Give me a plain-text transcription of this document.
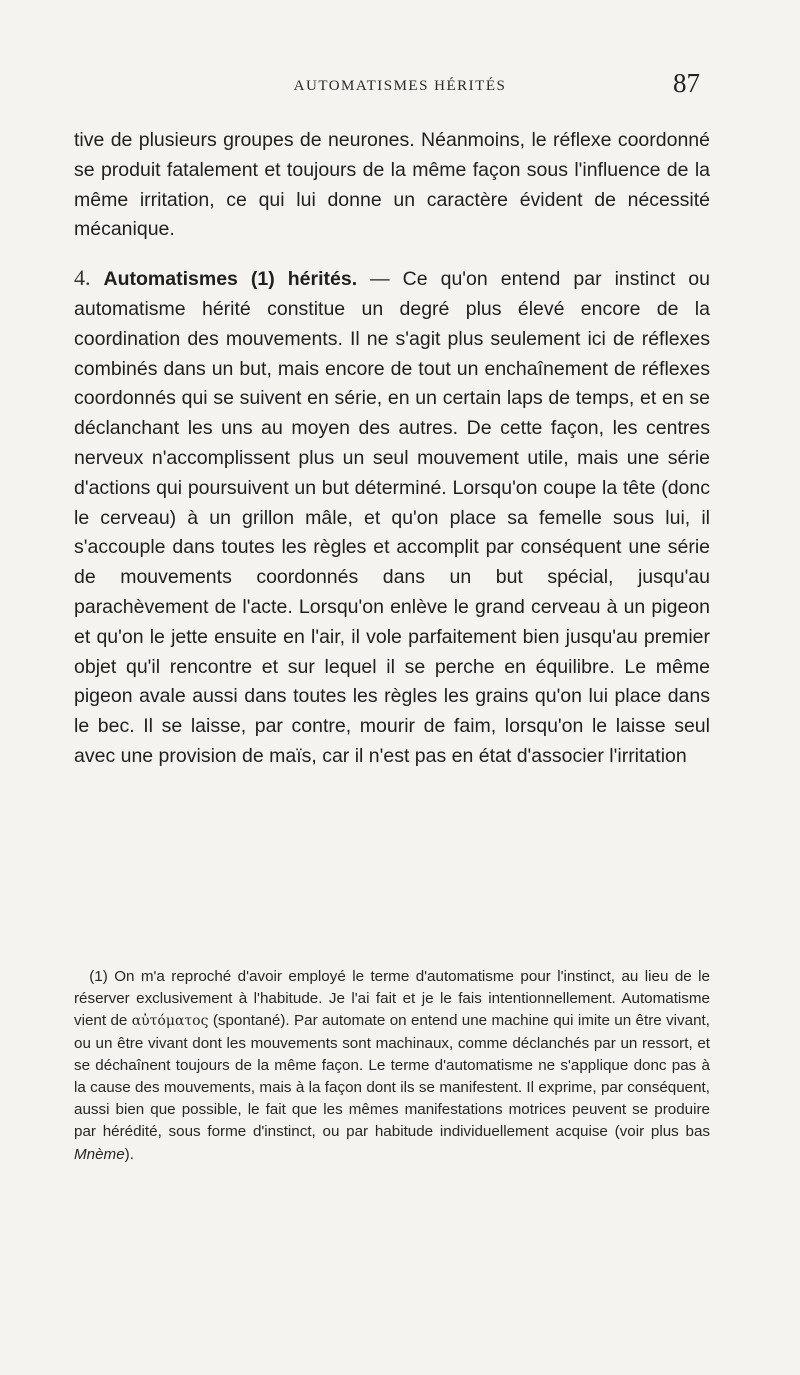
AUTOMATISMES HÉRITÉS	87

tive de plusieurs groupes de neurones. Néanmoins, le réflexe coordonné se produit fatalement et toujours de la même façon sous l'influence de la même irritation, ce qui lui donne un caractère évident de nécessité mécanique.

4. Automatismes (1) hérités. — Ce qu'on entend par instinct ou automatisme hérité constitue un degré plus élevé encore de la coordination des mouvements. Il ne s'agit plus seulement ici de réflexes combinés dans un but, mais encore de tout un enchaînement de réflexes coordonnés qui se suivent en série, en un certain laps de temps, et en se déclanchant les uns au moyen des autres. De cette façon, les centres nerveux n'accomplissent plus un seul mouvement utile, mais une série d'actions qui poursuivent un but déterminé. Lorsqu'on coupe la tête (donc le cerveau) à un grillon mâle, et qu'on place sa femelle sous lui, il s'accouple dans toutes les règles et accomplit par conséquent une série de mouvements coordonnés dans un but spécial, jusqu'au parachèvement de l'acte. Lorsqu'on enlève le grand cerveau à un pigeon et qu'on le jette ensuite en l'air, il vole parfaitement bien jusqu'au premier objet qu'il rencontre et sur lequel il se perche en équilibre. Le même pigeon avale aussi dans toutes les règles les grains qu'on lui place dans le bec. Il se laisse, par contre, mourir de faim, lorsqu'on le laisse seul avec une provision de maïs, car il n'est pas en état d'associer l'irritation

 (1) On m'a reproché d'avoir employé le terme d'automatisme pour l'instinct, au lieu de le réserver exclusivement à l'habitude. Je l'ai fait et je le fais intentionnellement. Automatisme vient de αὐτόματος (spontané). Par automate on entend une machine qui imite un être vivant, ou un être vivant dont les mouvements sont machinaux, comme déclanchés par un ressort, et se déchaînent toujours de la même façon. Le terme d'automatisme ne s'applique donc pas à la cause des mouvements, mais à la façon dont ils se manifestent. Il exprime, par conséquent, aussi bien que possible, le fait que les mêmes manifestations motrices peuvent se produire par hérédité, sous forme d'instinct, ou par habitude individuellement acquise (voir plus bas Mnème).
